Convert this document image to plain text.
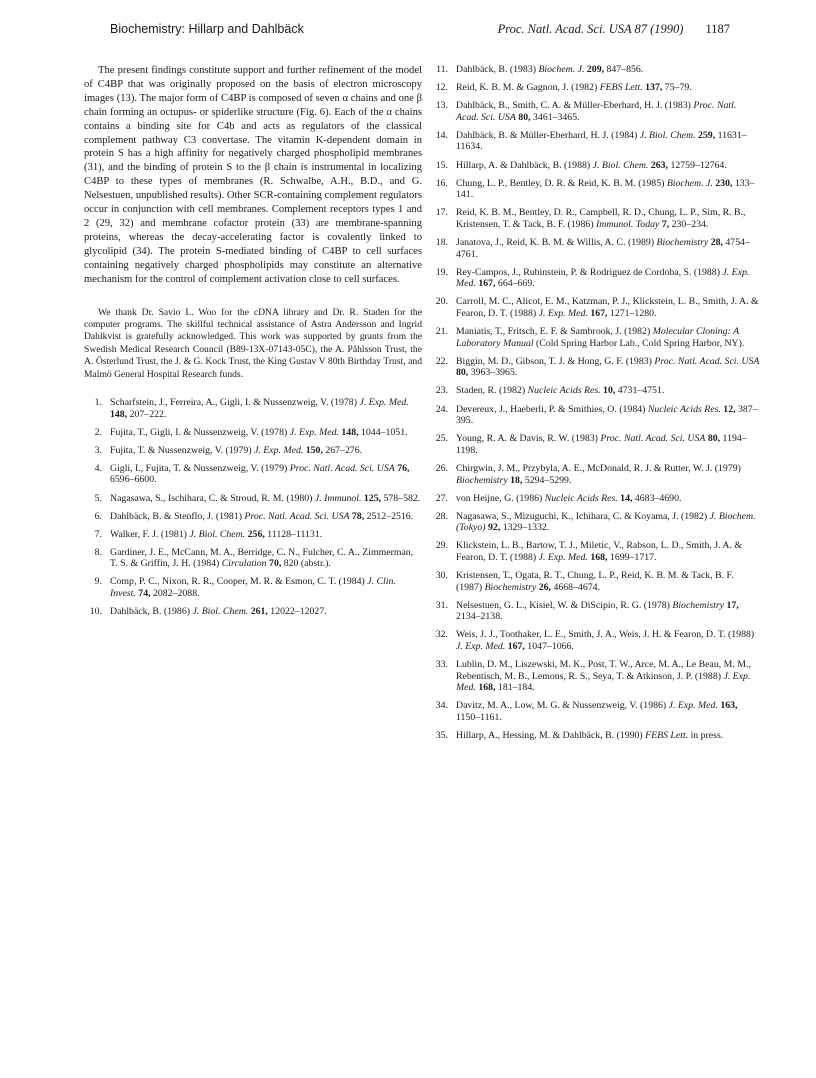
Biochemistry: Hillarp and Dahlbäck	Proc. Natl. Acad. Sci. USA 87 (1990) 1187

The present findings constitute support and further refinement of the model of C4BP that was originally proposed on the basis of electron microscopy images (13). The major form of C4BP is composed of seven α chains and one β chain forming an octupus- or spiderlike structure (Fig. 6). Each of the α chains contains a binding site for C4b and acts as regulators of the classical complement pathway C3 convertase. The vitamin K-dependent domain in protein S has a high affinity for negatively charged phospholipid membranes (31), and the binding of protein S to the β chain is instrumental in localizing C4BP to these types of membranes (R. Schwalbe, A.H., B.D., and G. Nelsestuen, unpublished results). Other SCR-containing complement regulators occur in conjunction with cell membranes. Complement receptors types 1 and 2 (29, 32) and membrane cofactor protein (33) are membrane-spanning proteins, whereas the decay-accelerating factor is covalently linked to glycolipid (34). The protein S-mediated binding of C4BP to cell surfaces containing negatively charged phospholipids may constitute an alternative mechanism for the control of complement activation close to cell surfaces.

We thank Dr. Savio L. Woo for the cDNA library and Dr. R. Staden for the computer programs. The skillful technical assistance of Astra Andersson and Ingrid Dahlkvist is gratefully acknowledged. This work was supported by grants from the Swedish Medical Research Council (B89-13X-07143-05C), the A. Påhlsson Trust, the A. Österlund Trust, the J. & G. Kock Trust, the King Gustav V 80th Birthday Trust, and Malmö General Hospital Research funds.

1. Scharfstein, J., Ferreira, A., Gigli, I. & Nussenzweig, V. (1978) J. Exp. Med. 148, 207–222.
2. Fujita, T., Gigli, I. & Nussenzweig, V. (1978) J. Exp. Med. 148, 1044–1051.
3. Fujita, T. & Nussenzweig, V. (1979) J. Exp. Med. 150, 267–276.
4. Gigli, I., Fujita, T. & Nussenzweig, V. (1979) Proc. Natl. Acad. Sci. USA 76, 6596–6600.
5. Nagasawa, S., Ischihara, C. & Stroud, R. M. (1980) J. Immunol. 125, 578–582.
6. Dahlbäck, B. & Stenflo, J. (1981) Proc. Natl. Acad. Sci. USA 78, 2512–2516.
7. Walker, F. J. (1981) J. Biol. Chem. 256, 11128–11131.
8. Gardiner, J. E., McCann, M. A., Berridge, C. N., Fulcher, C. A., Zimmerman, T. S. & Griffin, J. H. (1984) Circulation 70, 820 (abstr.).
9. Comp, P. C., Nixon, R. R., Cooper, M. R. & Esmon, C. T. (1984) J. Clin. Invest. 74, 2082–2088.
10. Dahlbäck, B. (1986) J. Biol. Chem. 261, 12022–12027.
11. Dahlbäck, B. (1983) Biochem. J. 209, 847–856.
12. Reid, K. B. M. & Gagnon, J. (1982) FEBS Lett. 137, 75–79.
13. Dahlbäck, B., Smith, C. A. & Müller-Eberhard, H. J. (1983) Proc. Natl. Acad. Sci. USA 80, 3461–3465.
14. Dahlbäck, B. & Müller-Eberhard, H. J. (1984) J. Biol. Chem. 259, 11631–11634.
15. Hillarp, A. & Dahlbäck, B. (1988) J. Biol. Chem. 263, 12759–12764.
16. Chung, L. P., Bentley, D. R. & Reid, K. B. M. (1985) Biochem. J. 230, 133–141.
17. Reid, K. B. M., Bentley, D. R., Campbell, R. D., Chung, L. P., Sim, R. B., Kristensen, T. & Tack, B. F. (1986) Immunol. Today 7, 230–234.
18. Janatova, J., Reid, K. B. M. & Willis, A. C. (1989) Biochemistry 28, 4754–4761.
19. Rey-Campos, J., Rubinstein, P. & Rodriguez de Cordoba, S. (1988) J. Exp. Med. 167, 664–669.
20. Carroll, M. C., Alicot, E. M., Katzman, P. J., Klickstein, L. B., Smith, J. A. & Fearon, D. T. (1988) J. Exp. Med. 167, 1271–1280.
21. Maniatis, T., Fritsch, E. F. & Sambrook, J. (1982) Molecular Cloning: A Laboratory Manual (Cold Spring Harbor Lab., Cold Spring Harbor, NY).
22. Biggin, M. D., Gibson, T. J. & Hong, G. F. (1983) Proc. Natl. Acad. Sci. USA 80, 3963–3965.
23. Staden, R. (1982) Nucleic Acids Res. 10, 4731–4751.
24. Devereux, J., Haeberli, P. & Smithies, O. (1984) Nucleic Acids Res. 12, 387–395.
25. Young, R. A. & Davis, R. W. (1983) Proc. Natl. Acad. Sci. USA 80, 1194–1198.
26. Chirgwin, J. M., Przybyla, A. E., McDonald, R. J. & Rutter, W. J. (1979) Biochemistry 18, 5294–5299.
27. von Heijne, G. (1986) Nucleic Acids Res. 14, 4683–4690.
28. Nagasawa, S., Mizuguchi, K., Ichihara, C. & Koyama, J. (1982) J. Biochem. (Tokyo) 92, 1329–1332.
29. Klickstein, L. B., Bartow, T. J., Miletic, V., Rabson, L. D., Smith, J. A. & Fearon, D. T. (1988) J. Exp. Med. 168, 1699–1717.
30. Kristensen, T., Ogata, R. T., Chung, L. P., Reid, K. B. M. & Tack, B. F. (1987) Biochemistry 26, 4668–4674.
31. Nelsestuen, G. L., Kisiel, W. & DiScipio, R. G. (1978) Biochemistry 17, 2134–2138.
32. Weis, J. J., Toothaker, L. E., Smith, J. A., Weis, J. H. & Fearon, D. T. (1988) J. Exp. Med. 167, 1047–1066.
33. Lublin, D. M., Liszewski, M. K., Post, T. W., Arce, M. A., Le Beau, M. M., Rebentisch, M. B., Lemons, R. S., Seya, T. & Atkinson, J. P. (1988) J. Exp. Med. 168, 181–184.
34. Davitz, M. A., Low, M. G. & Nussenzweig, V. (1986) J. Exp. Med. 163, 1150–1161.
35. Hillarp, A., Hessing, M. & Dahlbäck, B. (1990) FEBS Lett. in press.
